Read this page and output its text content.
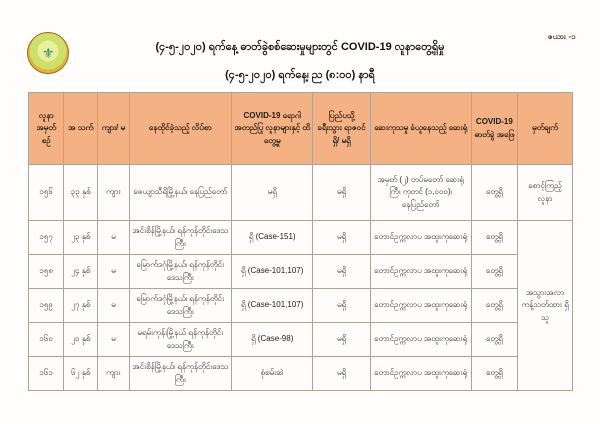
⚜
ဇယား -၁
(၄-၅-၂၀၂၀) ရက်နေ့ ဓာတ်ခွဲစစ်ဆေးမှုများတွင် COVID-19 လူနာတွေ့ရှိမှု
(၄-၅-၂၀၂၀) ရက်နေ့၊ ည (၈:၀၀) နာရီ
လူနာ အမှတ် စဉ်	အ သက်	ကျား/ မ	နေထိုင်ခဲ့သည့် လိပ်စာ	COVID-19 ရောဂါ အတည်ပြု လူနာများနှင့် ထိတွေ့မှု	ပြည်ပသို့ ခရီးသွား ရာဇဝင် ရှိ/ မရှိ	ဆေးကုသမှု ခံယူနေသည့် ဆေးရုံ	COVID-19 ဓာတ်ခွဲ အဖြေ	မှတ်ချက်
၁၅၆	၃၃ နှစ်	ကျား	ဇေယျာသီရိမြို့နယ်၊ နေပြည်တော်	မရှိ	မရှိ	အမှတ် (၂) တပ်မတော် ဆေးရုံကြီး ကုတင် (၁,၀၀၀)၊ နေပြည်တော်	တွေ့ရှိ	စောင့်ကြည့် လူနာ
၁၅၇	၂၃ နှစ်	မ	အင်းစိန်မြို့နယ်၊ ရန်ကုန်တိုင်းဒေသကြီး	ရှိ (Case-151)	မရှိ	တောင်ဥက္ကလာပ အထူးကုဆေးရုံ	တွေ့ရှိ	အသွားအလာ ကန့်သတ်ထား ရှိသူ
၁၅၈	၂၄ နှစ်	မ	မြောက်ဒဂုံမြို့နယ်၊ ရန်ကုန်တိုင်းဒေသကြီး	ရှိ (Case-101,107)	မရှိ	တောင်ဥက္ကလာပ အထူးကုဆေးရုံ	တွေ့ရှိ	
၁၅၉	၂၇ နှစ်	မ	မြောက်ဒဂုံမြို့နယ်၊ ရန်ကုန်တိုင်းဒေသကြီး	ရှိ (Case-101,107)	မရှိ	တောင်ဥက္ကလာပ အထူးကုဆေးရုံ	တွေ့ရှိ	
၁၆၀	၂၀ နှစ်	မ	မရမ်းကုန်းမြို့နယ် ရန်ကုန်တိုင်းဒေသကြီး	ရှိ (Case-98)	မရှိ	တောင်ဥက္ကလာပ အထူးကုဆေးရုံ	တွေ့ရှိ	
၁၆၁	၆၂ နှစ်	ကျား	အင်းစိန်မြို့နယ်၊ ရန်ကုန်တိုင်းဒေသကြီး	စုံစမ်းဆဲ	မရှိ	တောင်ဥက္ကလာပ အထူးကုဆေးရုံ	တွေ့ရှိ	
